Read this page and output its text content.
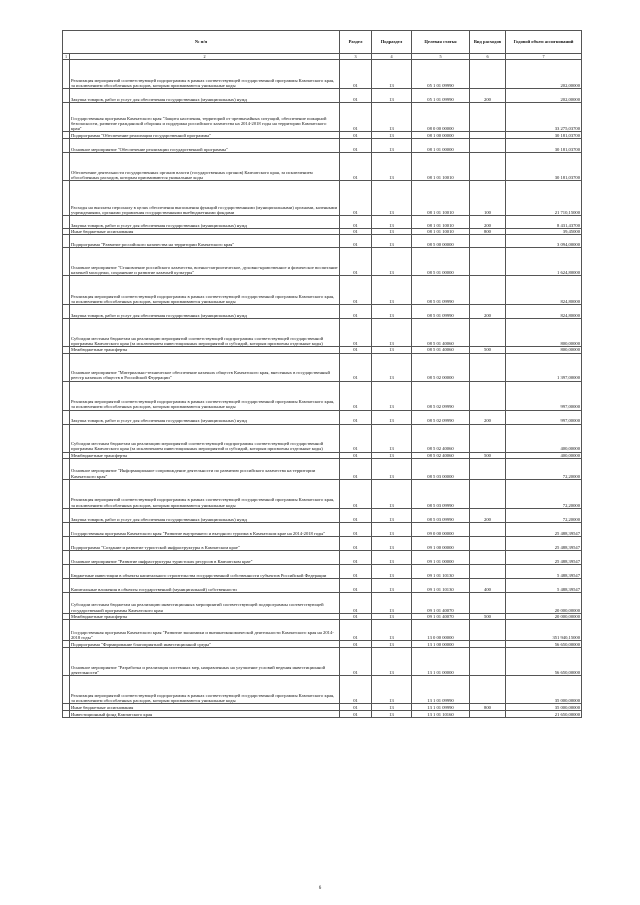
№ п/п		Раздел	Подраздел	Целевая статья	Вид расходов	Годовой объем ассигнований
1	2	3	4	5	6	7
	Реализация мероприятий соответствующей подпрограммы в рамках соответствующей государственной программы Камчатского края, за исключением обособленных расходов, которым присваиваются уникальные коды	01	13	05 1 01 09990		202,00000
	Закупка товаров, работ и услуг для обеспечения государственных (муниципальных) нужд	01	13	05 1 01 09990	200	202,00000
	Государственная программа Камчатского края "Защита населения, территорий от чрезвычайных ситуаций, обеспечение пожарной безопасности, развитие гражданской обороны и поддержка российского казачества на 2014-2018 годы на территории Камчатского края"	01	13	08 0 00 00000		33 275,03700
	Подпрограмма "Обеспечение реализации государственной программы"	01	13	08 1 00 00000		30 181,03700
	Основное мероприятие "Обеспечение реализации государственной программы"	01	13	08 1 01 00000		30 181,03700
	Обеспечение деятельности государственных органов власти (государственных органов) Камчатского края, за исключением обособленных расходов, которым присваиваются уникальные коды	01	13	08 1 01 10010		30 181,03700
	Расходы на выплаты персоналу в целях обеспечения выполнения функций государственными (муниципальными) органами, казенными учреждениями, органами управления государственными внебюджетными фондами	01	13	08 1 01 10010	100	21 710,15000
	Закупка товаров, работ и услуг для обеспечения государственных (муниципальных) нужд	01	13	08 1 01 10010	200	8 431,43700
	Иные бюджетные ассигнования	01	13	08 1 01 10010	800	39,45000
	Подпрограмма "Развитие российского казачества на территории Камчатского края"	01	13	08 5 00 00000		3 094,00000
	Основное мероприятие "Становление российского казачества, военно-патриотическое, духовно-нравственное и физическое воспитание казачьей молодежи, сохранение и развитие казачьей культуры"	01	13	08 5 01 00000		1 624,80000
	Реализация мероприятий соответствующей подпрограммы в рамках соответствующей государственной программы Камчатского края, за исключением обособленных расходов, которым присваиваются уникальные коды	01	13	08 5 01 09990		824,80000
	Закупка товаров, работ и услуг для обеспечения государственных (муниципальных) нужд	01	13	08 5 01 09990	200	824,80000
	Субсидии местным бюджетам на реализацию мероприятий соответствующей подпрограммы соответствующей государственной программы Камчатского края (за исключением инвестиционных мероприятий и субсидий, которым присвоены отдельные коды)	01	13	08 5 01 40060		800,00000
	Межбюджетные трансферты	01	13	08 5 01 40060	500	800,00000
	Основное мероприятие "Материально-техническое обеспечение казачьих обществ Камчатского края, внесенных в государственный реестр казачьих обществ в Российской Федерации"	01	13	08 5 02 00000		1 397,00000
	Реализация мероприятий соответствующей подпрограммы в рамках соответствующей государственной программы Камчатского края, за исключением обособленных расходов, которым присваиваются уникальные коды	01	13	08 5 02 09990		997,00000
	Закупка товаров, работ и услуг для обеспечения государственных (муниципальных) нужд	01	13	08 5 02 09990	200	997,00000
	Субсидии местным бюджетам на реализацию мероприятий соответствующей подпрограммы соответствующей государственной программы Камчатского края (за исключением инвестиционных мероприятий и субсидий, которым присвоены отдельные коды)	01	13	08 5 02 40060		400,00000
	Межбюджетные трансферты	01	13	08 5 02 40060	500	400,00000
	Основное мероприятие "Информационное сопровождение деятельности по развитию российского казачества на территории Камчатского края"	01	13	08 5 03 00000		72,20000
	Реализация мероприятий соответствующей подпрограммы в рамках соответствующей государственной программы Камчатского края, за исключением обособленных расходов, которым присваиваются уникальные коды	01	13	08 5 03 09990		72,20000
	Закупка товаров, работ и услуг для обеспечения государственных (муниципальных) нужд	01	13	08 5 03 09990	200	72,20000
	Государственная программа Камчатского края "Развитие внутреннего и въездного туризма в Камчатском крае на 2014-2018 годы"	01	13	09 0 00 00000		25 488,39547
	Подпрограмма "Создание и развитие туристской инфраструктуры в Камчатском крае"	01	13	09 1 00 00000		25 488,39547
	Основное мероприятие "Развитие инфраструктуры туристских ресурсов в Камчатском крае"	01	13	09 1 01 00000		25 488,39547
	Бюджетные инвестиции в объекты капитального строительства государственной собственности субъектов Российской Федерации	01	13	09 1 01 10130		5 488,39547
	Капитальные вложения в объекты государственной (муниципальной) собственности	01	13	09 1 01 10130	400	5 488,39547
	Субсидии местным бюджетам на реализацию инвестиционных мероприятий соответствующей подпрограммы соответствующей государственной программы Камчатского края	01	13	09 1 01 40070		20 000,00000
	Межбюджетные трансферты	01	13	09 1 01 40070	500	20 000,00000
	Государственная программа Камчатского края "Развитие экономики и внешнеэкономической деятельности Камчатского края на 2014-2018 годы"	01	13	13 0 00 00000		351 940,15000
	Подпрограмма "Формирование благоприятной инвестиционной среды"	01	13	13 1 00 00000		56 650,00000
	Основное мероприятие "Разработка и реализация системных мер, направленных на улучшение условий ведения инвестиционной деятельности"	01	13	13 1 01 00000		56 650,00000
	Реализация мероприятий соответствующей подпрограммы в рамках соответствующей государственной программы Камчатского края, за исключением обособленных расходов, которым присваиваются уникальные коды	01	13	13 1 01 09990		35 000,00000
	Иные бюджетные ассигнования	01	13	13 1 01 09990	800	35 000,00000
	Инвестиционный фонд Камчатского края	01	13	13 1 01 10160		21 650,00000
6
